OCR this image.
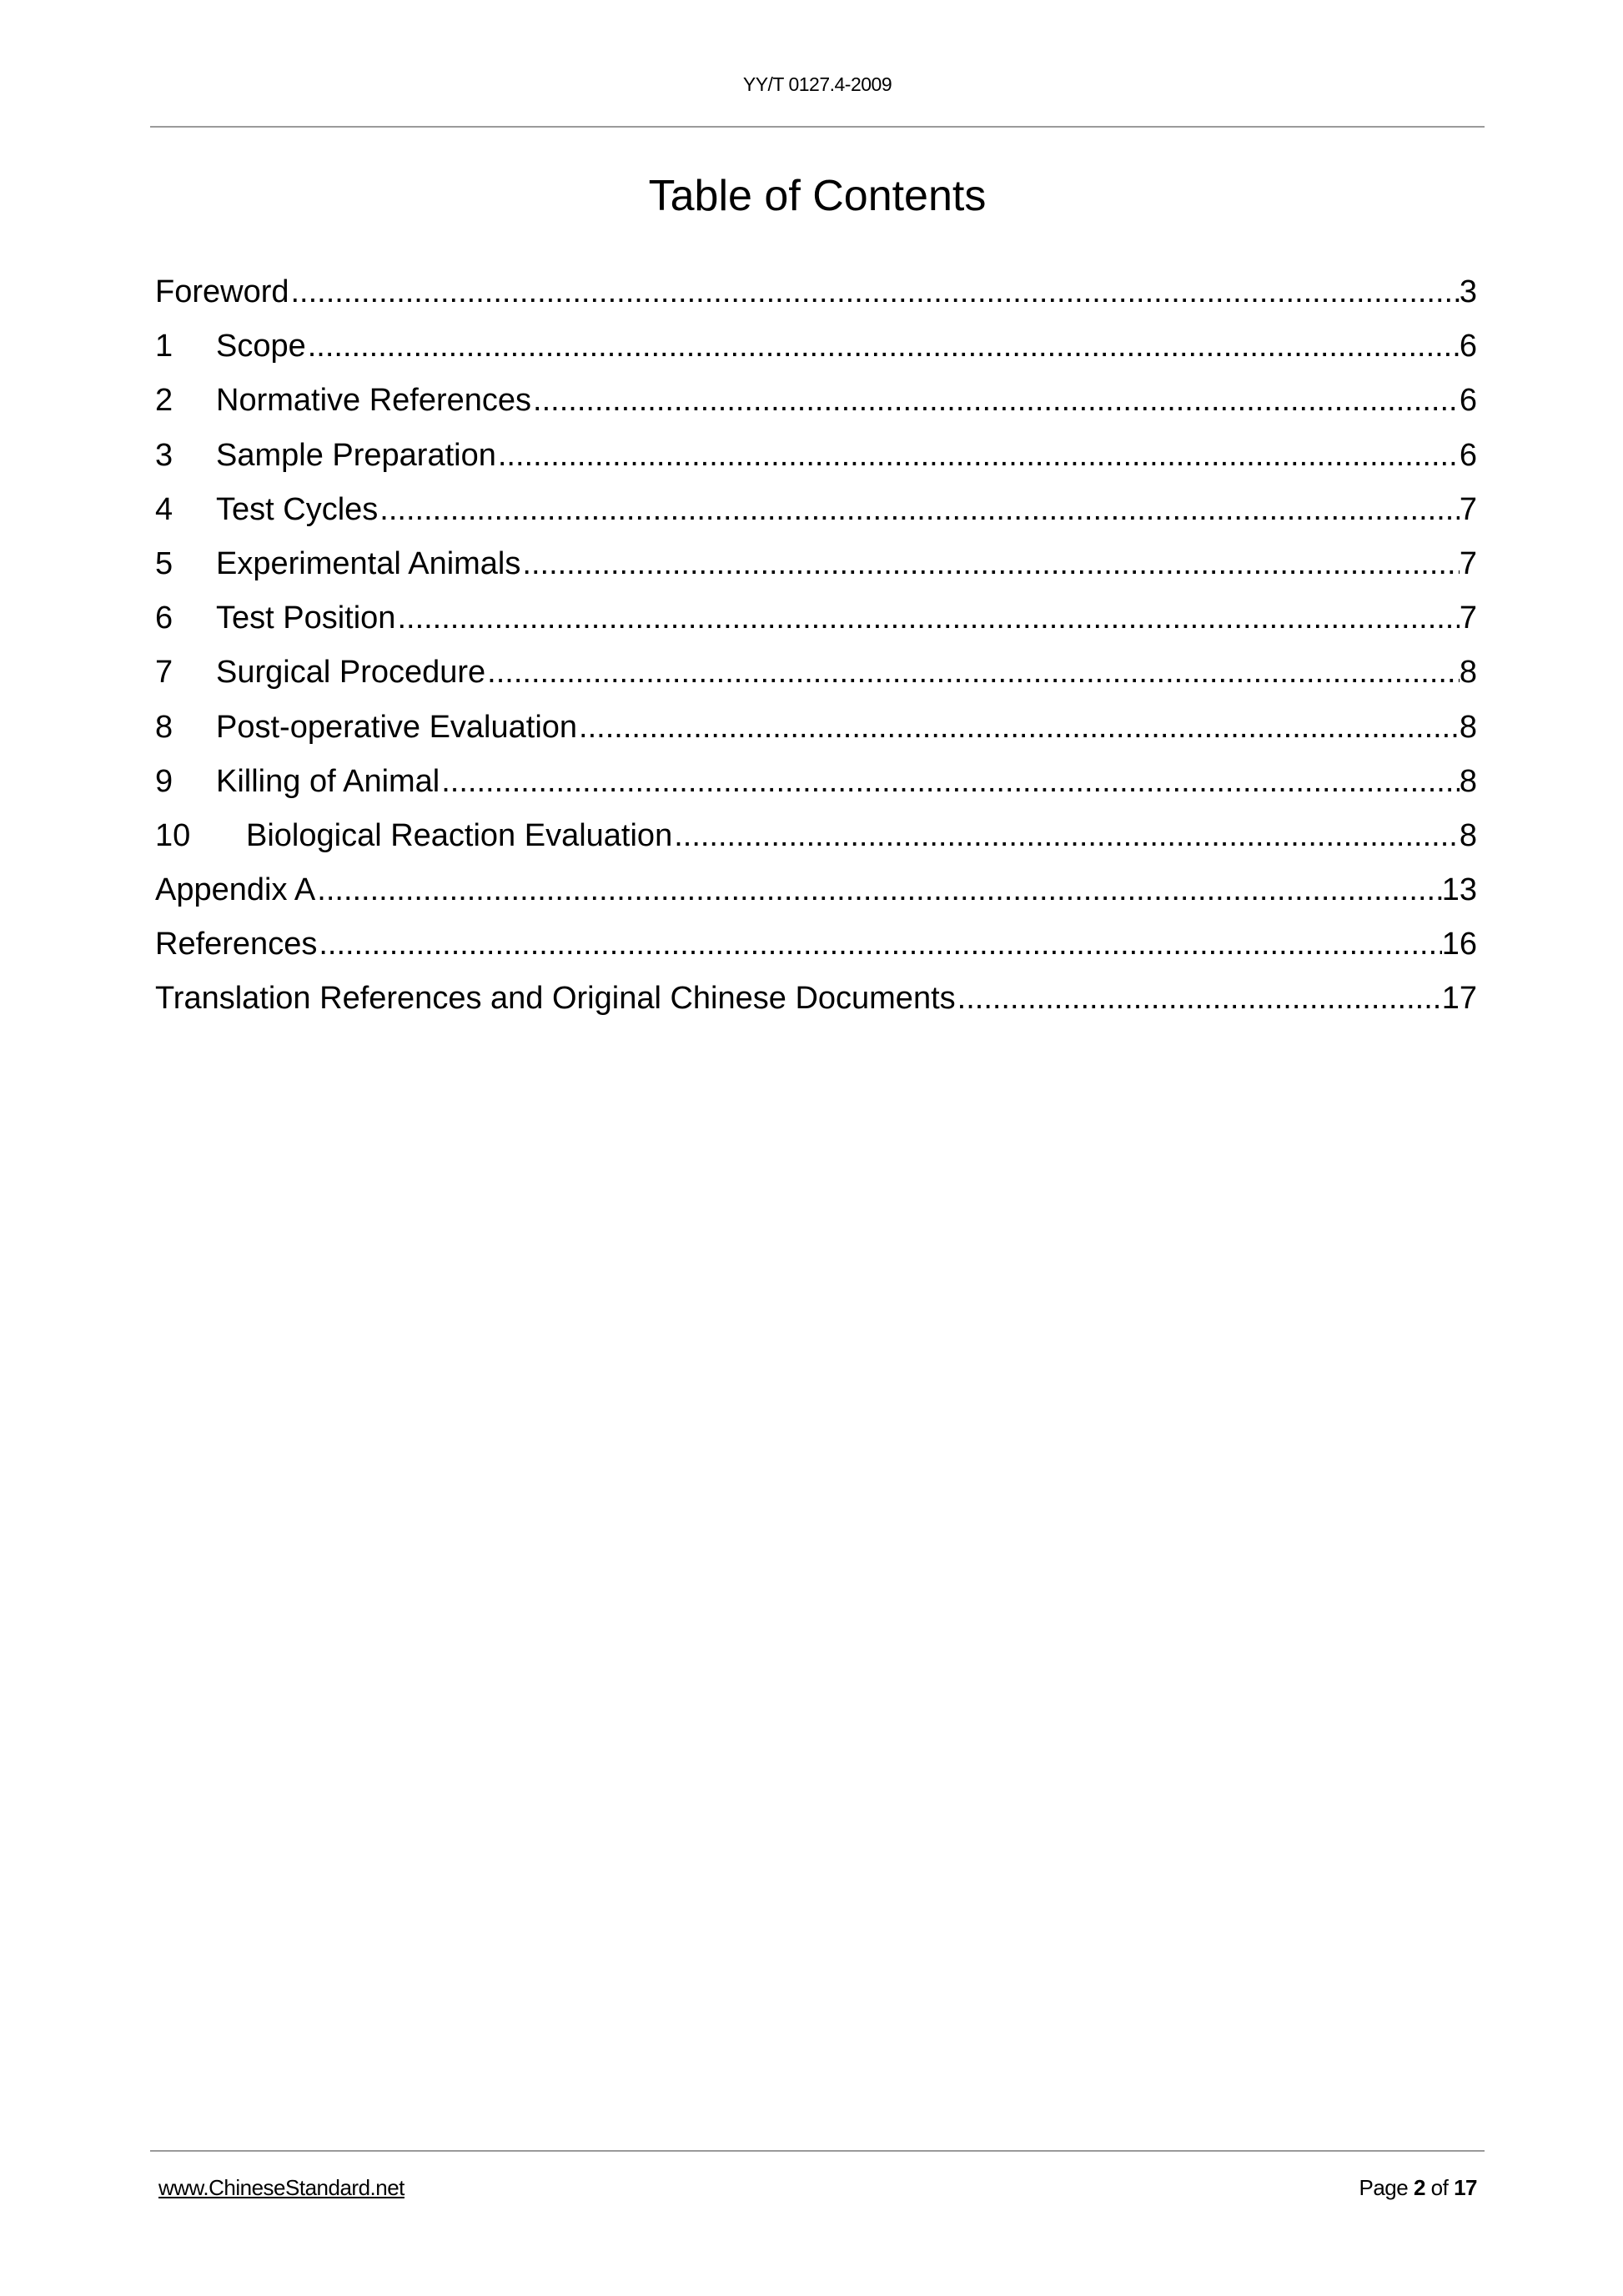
YY/T 0127.4-2009
Table of Contents
Foreword .....	3
1	Scope .....	6
2	Normative References .....	6
3	Sample Preparation .....	6
4	Test Cycles .....	7
5	Experimental Animals .....	7
6	Test Position .....	7
7	Surgical Procedure .....	8
8	Post-operative Evaluation .....	8
9	Killing of Animal .....	8
10	Biological Reaction Evaluation .....	8
Appendix A .....	13
References .....	16
Translation References and Original Chinese Documents .....	17
www.ChineseStandard.net	Page 2 of 17
